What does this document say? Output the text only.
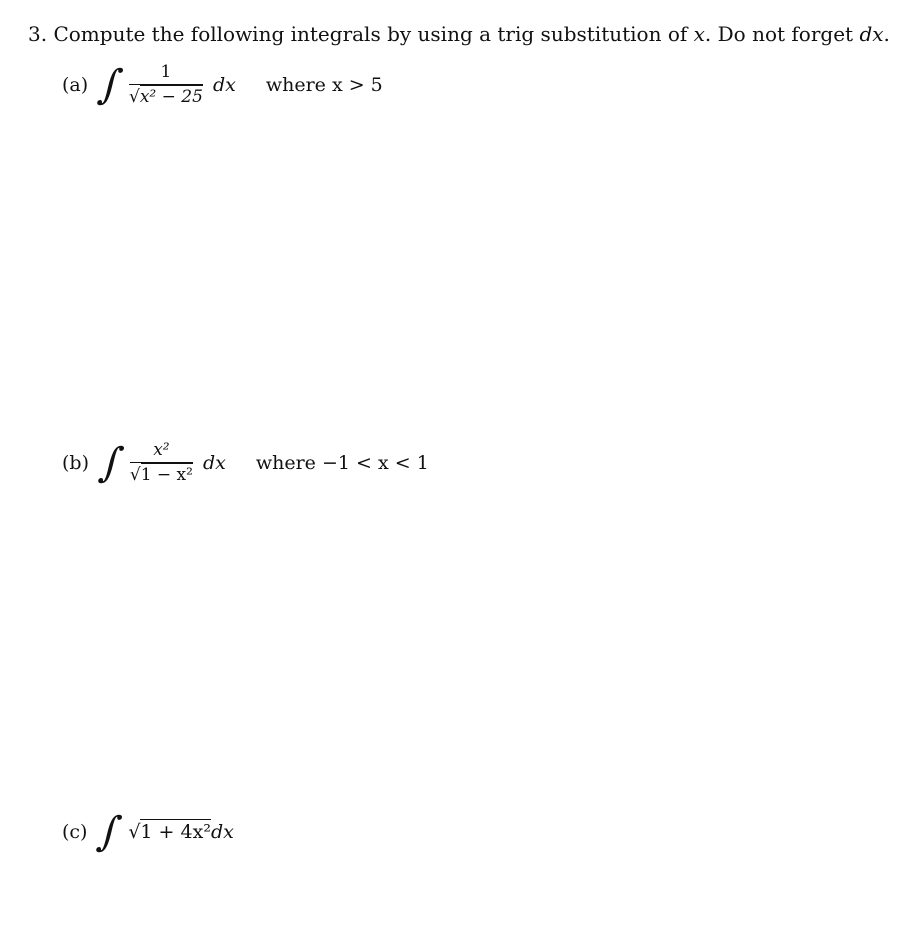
3. Compute the following integrals by using a trig substitution of x. Do not forget dx.
(a) ∫ $\frac{1}{\text{√x² − 25}}$ dx where x > 5
(b) ∫ $\frac{\text{x²}}{\text{√1 − x²}}$ dx where −1 < x < 1
(c) ∫ √1 + 4x²dx
